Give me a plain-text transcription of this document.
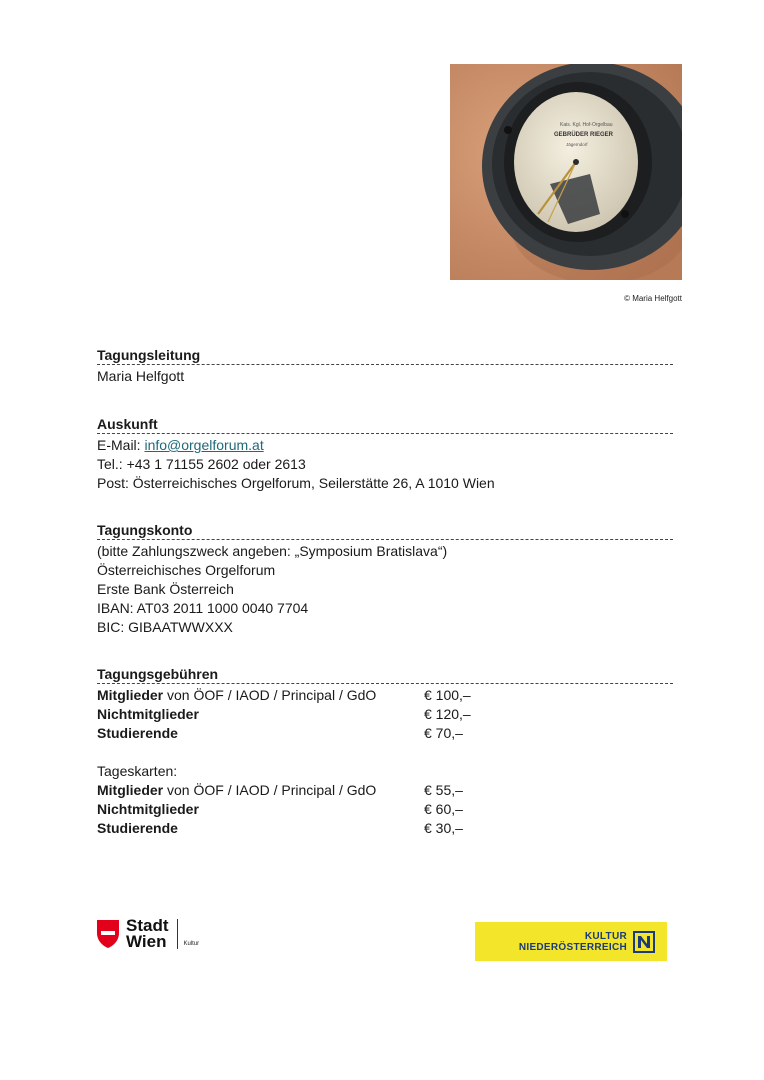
Kais. Kgl. Hof-Orgelbau
GEBRÜDER RIEGER
Jägerndorf
© Maria Helfgott
Tagungsleitung
Maria Helfgott
Auskunft
E-Mail: info@orgelforum.at
Tel.: +43 1 71155 2602 oder 2613
Post: Österreichisches Orgelforum, Seilerstätte 26, A 1010 Wien
Tagungskonto
(bitte Zahlungszweck angeben: „Symposium Bratislava“)
Österreichisches Orgelforum
Erste Bank Österreich
IBAN: AT03 2011 1000 0040 7704
BIC: GIBAATWWXXX
Tagungsgebühren
Mitglieder von ÖOF / IAOD / Principal / GdO	€ 100,–
Nichtmitglieder	€ 120,–
Studierende	€ 70,–
Tageskarten:
Mitglieder von ÖOF / IAOD / Principal / GdO	€ 55,–
Nichtmitglieder	€ 60,–
Studierende	€ 30,–
Stadt
Wien	Kultur
KULTUR
NIEDERÖSTERREICH
